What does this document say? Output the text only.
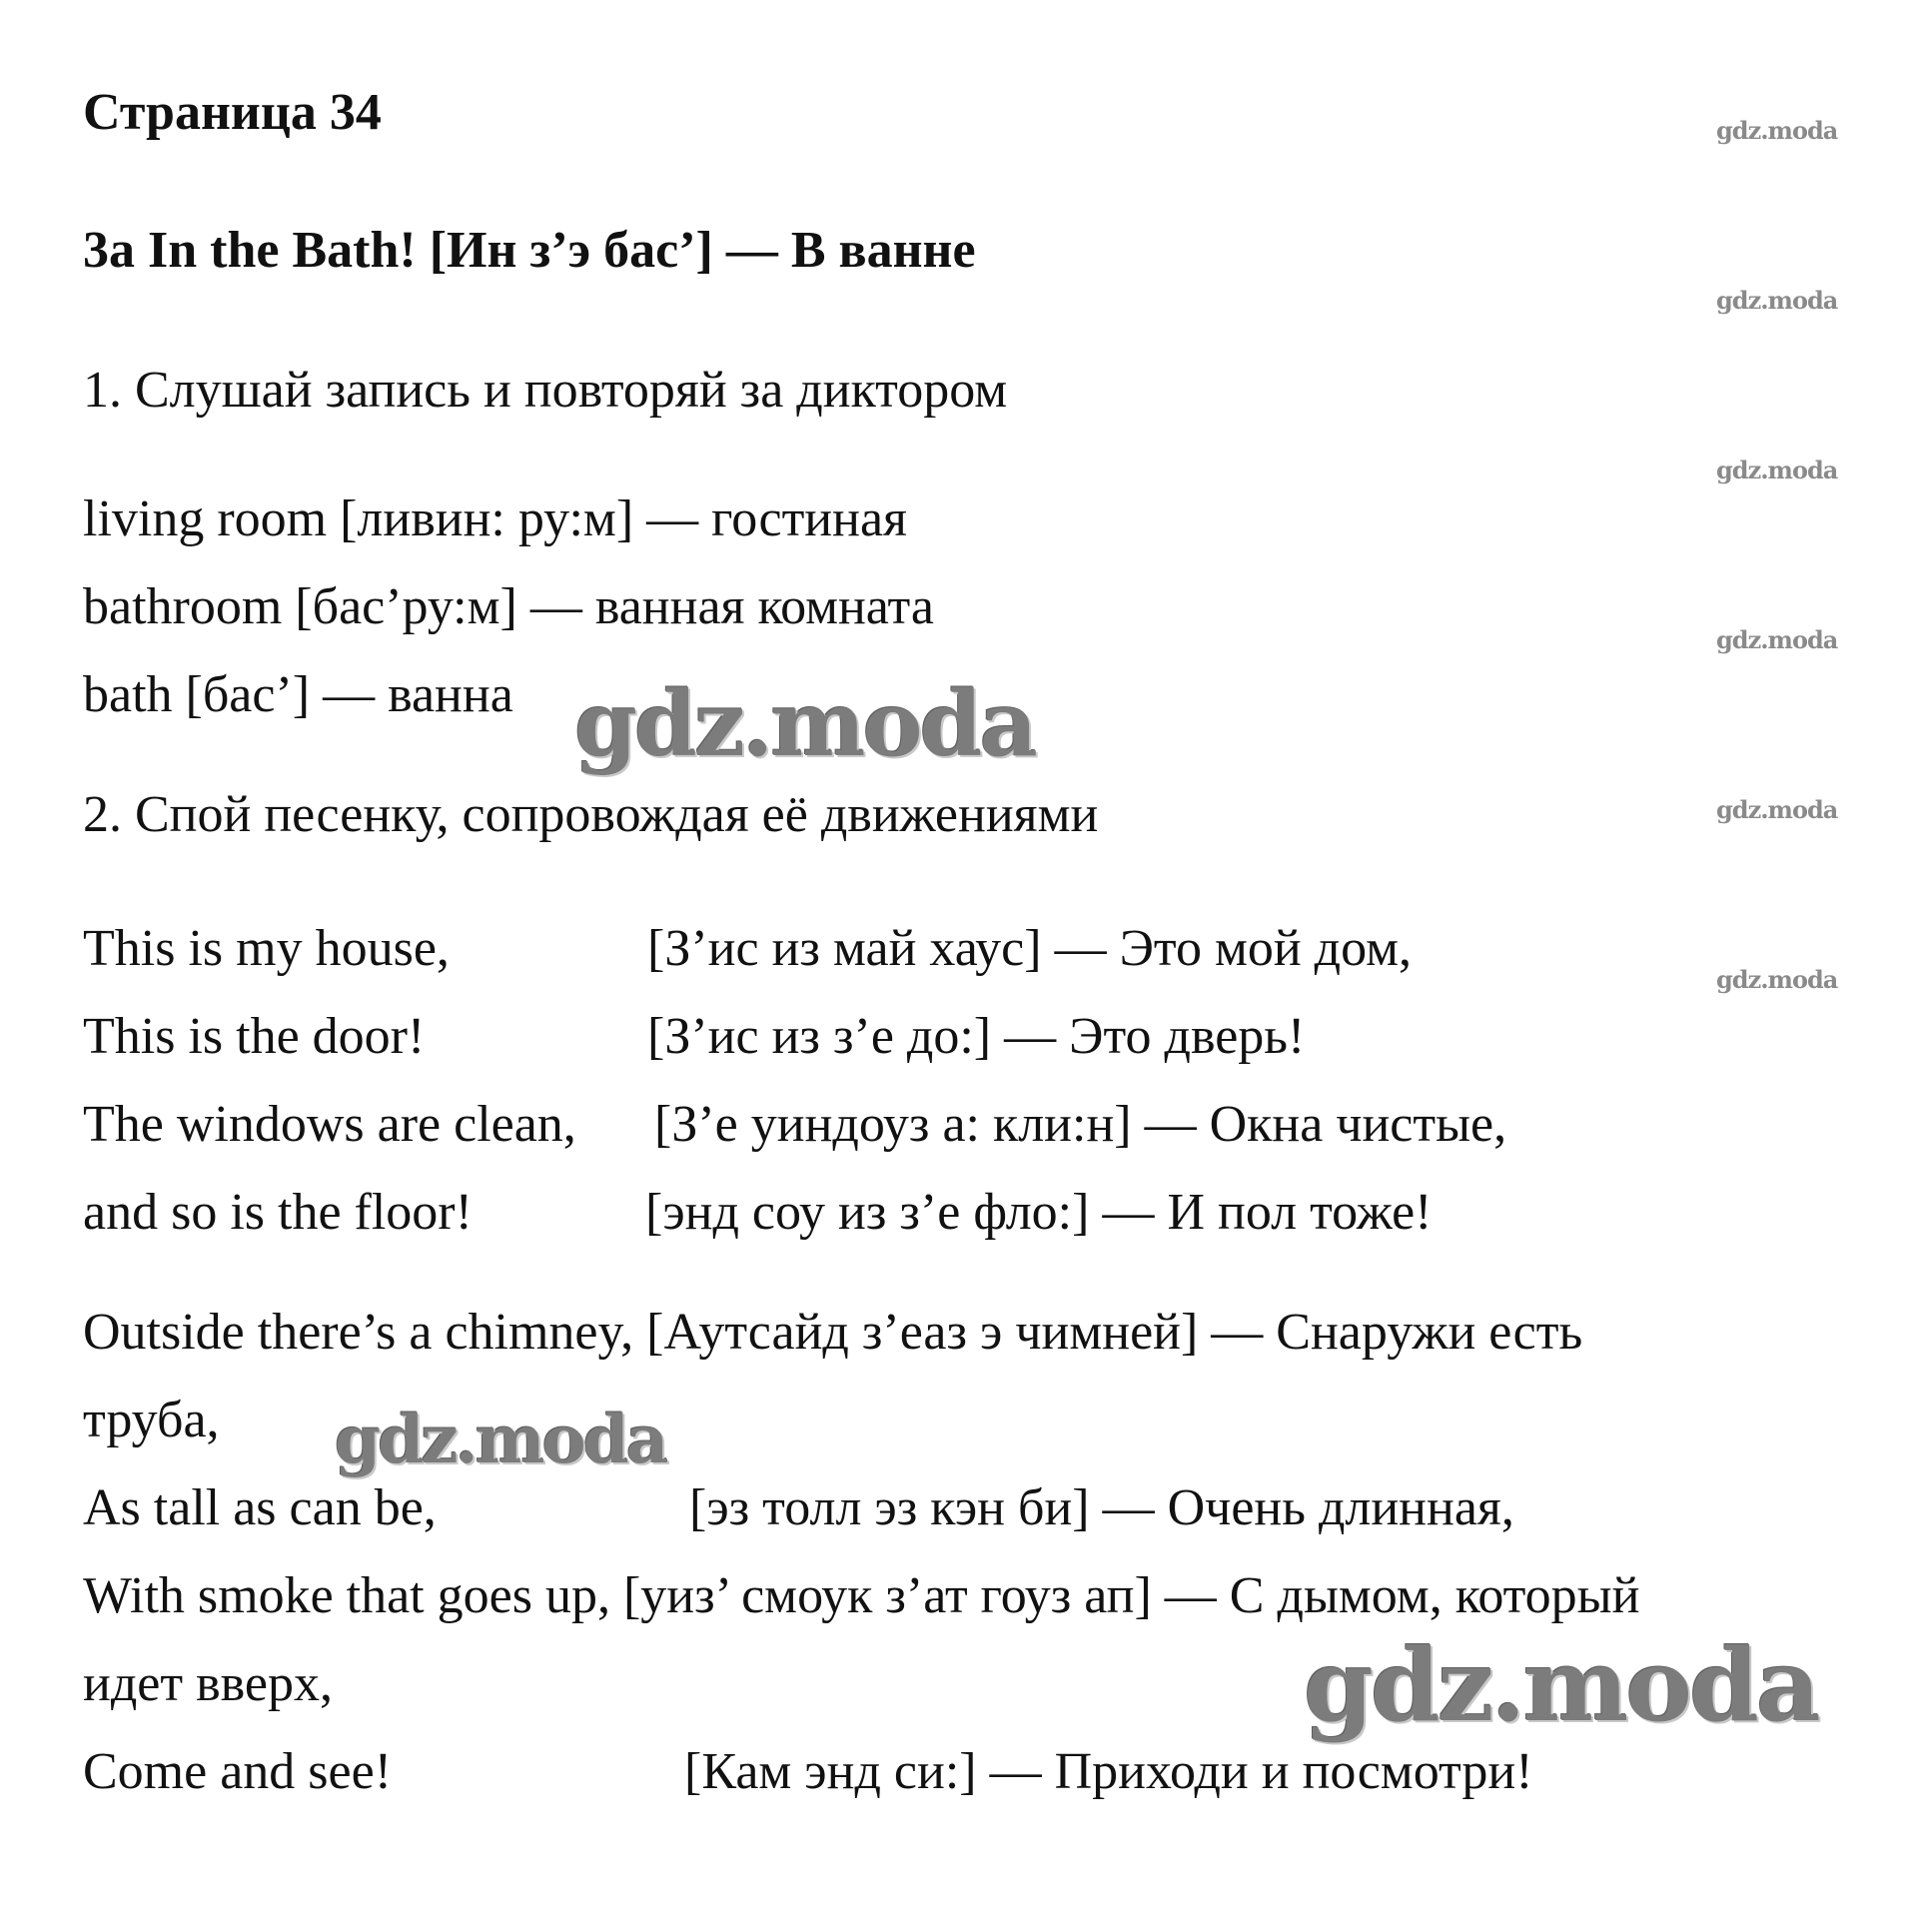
Страница 34
3a In the Bath! [Ин з’э бас’] — В ванне
1. Слушай запись и повторяй за диктором
living room [ливин: ру:м] — гостиная
bathroom [бас’ру:м] — ванная комната
bath [бас’] — ванна
2. Спой песенку, сопровождая её движениями
This is my house,	[З’ис из май хаус] — Это мой дом,
This is the door!	[З’ис из з’е до:] — Это дверь!
The windows are clean, [З’е уиндоуз а: кли:н] — Окна чистые,
and so is the floor!	[энд соу из з’е фло:] — И пол тоже!
Outside there’s a chimney, [Аутсайд з’еаз э чимней] — Снаружи есть
труба,
As tall as can be,	[эз толл эз кэн би] — Очень длинная,
With smoke that goes up, [уиз’ смоук з’ат гоуз ап] — С дымом, который
идет вверх,
Come and see!	[Кам энд си:] — Приходи и посмотри!
gdz.moda
gdz.moda
gdz.moda
gdz.moda
gdz.moda
gdz.moda
gdz.moda
gdz.moda
gdz.moda
